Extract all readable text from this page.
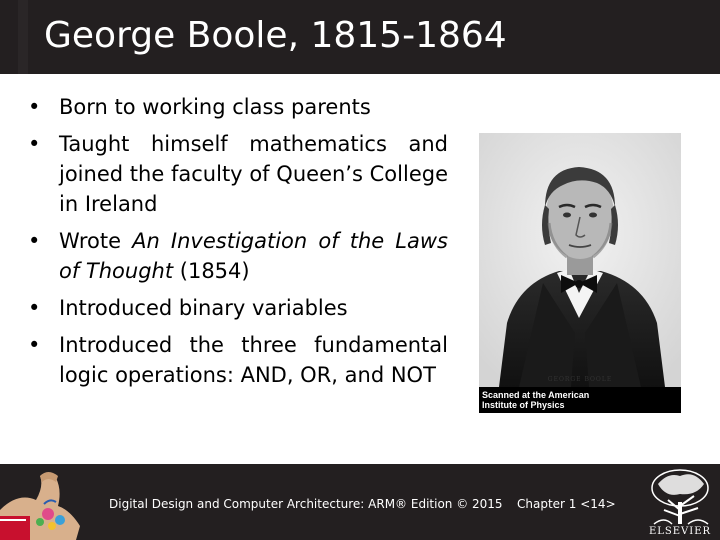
George Boole, 1815-1864
• Born to working class parents
• Taught himself mathematics and joined the faculty of Queen’s College in Ireland
• Wrote An Investigation of the Laws of Thought (1854)
• Introduced binary variables
• Introduced the three fundamental logic operations: AND, OR, and NOT	GEORGE BOOLE
Scanned at the American
Institute of Physics
Digital Design and Computer Architecture: ARM® Edition © 2015 Chapter 1 <14>
ELSEVIER
